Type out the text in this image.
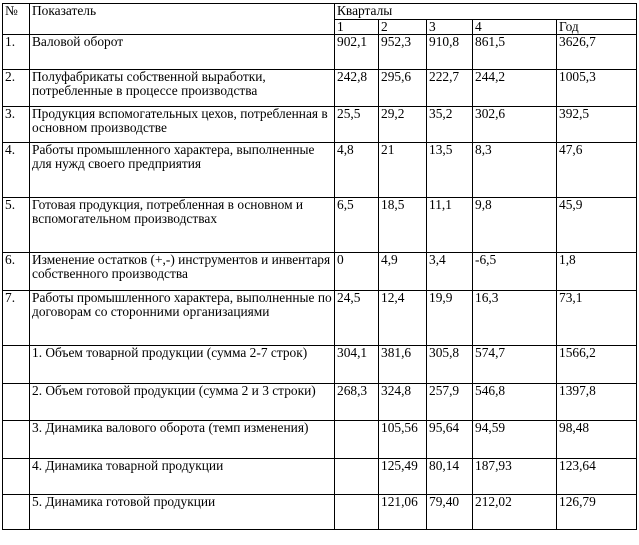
№	Показатель	Кварталы				
		1	2	3	4	Год
1.	Валовой оборот	902,1	952,3	910,8	861,5	3626,7
2.	Полуфабрикаты собственной выработки, потребленные в процессе производства	242,8	295,6	222,7	244,2	1005,3
3.	Продукция вспомогательных цехов, потребленная в основном производстве	25,5	29,2	35,2	302,6	392,5
4.	Работы промышленного характера, выполненные для нужд своего предприятия	4,8	21	13,5	8,3	47,6
5.	Готовая продукция, потребленная в основном и вспомогательном производствах	6,5	18,5	11,1	9,8	45,9
6.	Изменение остатков (+,-) инструментов и инвентаря собственного производства	0	4,9	3,4	-6,5	1,8
7.	Работы промышленного характера, выполненные по договорам со сторонними организациями	24,5	12,4	19,9	16,3	73,1
	1. Объем товарной продукции (сумма 2-7 строк)	304,1	381,6	305,8	574,7	1566,2
	2. Объем готовой продукции (сумма 2 и 3 строки)	268,3	324,8	257,9	546,8	1397,8
	3. Динамика валового оборота (темп изменения)		105,56	95,64	94,59	98,48
	4. Динамика товарной продукции		125,49	80,14	187,93	123,64
	5. Динамика готовой продукции		121,06	79,40	212,02	126,79
